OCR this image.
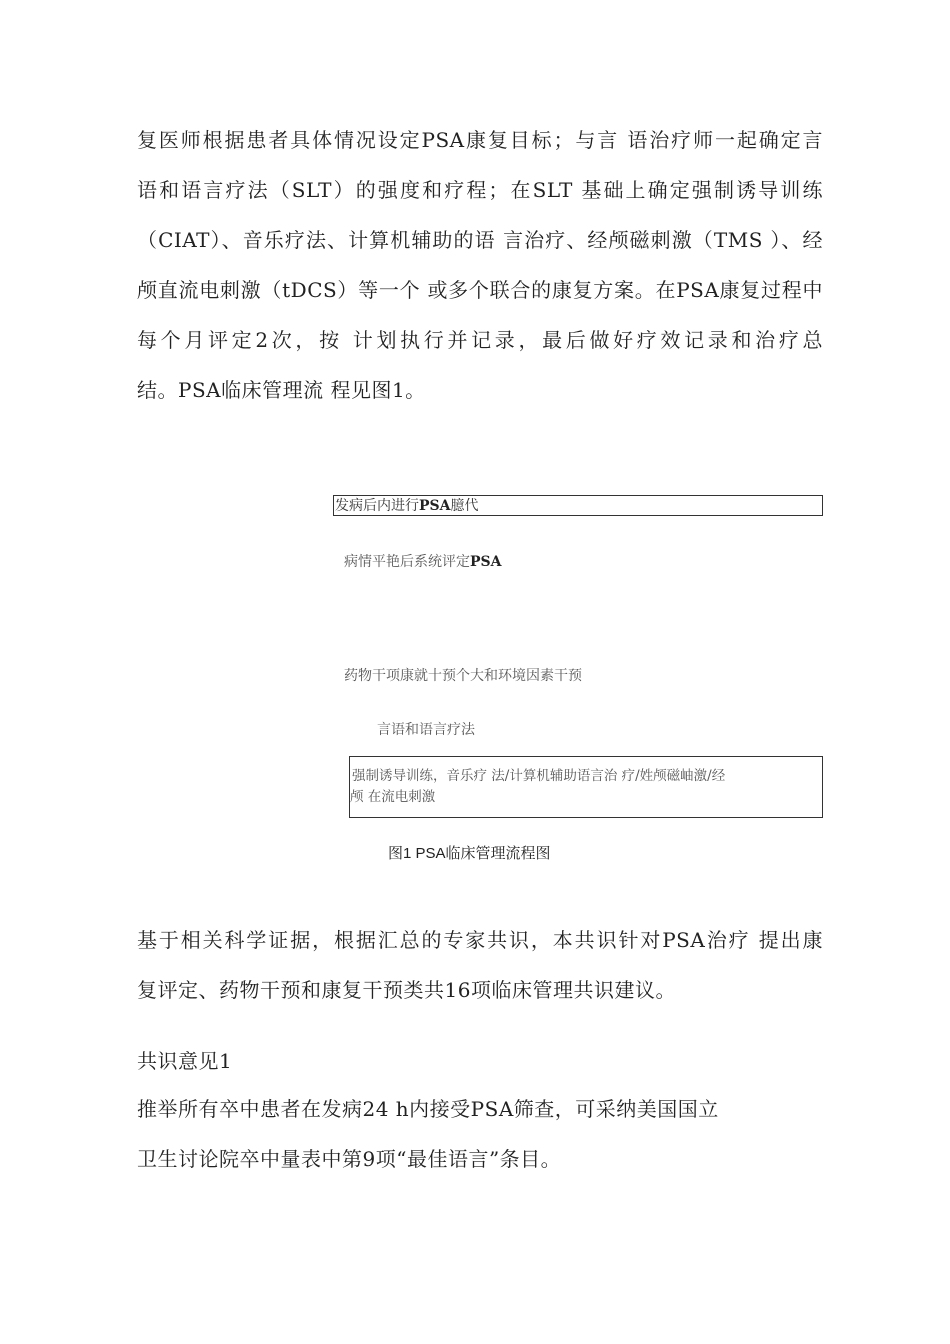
复医师根据患者具体情况设定PSA康复目标；与言 语治疗师一起确定言
语和语言疗法（SLT）的强度和疗程；在SLT 基础上确定强制诱导训练
（CIAT）、音乐疗法、计算机辅助的语 言治疗、经颅磁刺激（TMS ）、经
颅直流电刺激（tDCS）等一个 或多个联合的康复方案。在PSA康复过程中
每个月评定2次，按 计划执行并记录，最后做好疗效记录和治疗总
结。PSA临床管理流 程见图1。
发病后内进行PSA臆代
病情平艳后系统评定PSA
药物干项康就十预个大和环境因素干预
言语和语言疗法
强制诱导训练，音乐疗 法/计算机辅助语言治 疗/姓颅磁岫激/经
颅 在流电刺激
图1 PSA临床管理流程图
基于相关科学证据，根据汇总的专家共识，本共识针对PSA治疗 提出康
复评定、药物干预和康复干预类共16项临床管理共识建议。
共识意见1
推举所有卒中患者在发病24 h内接受PSA筛查，可采纳美国国立
卫生讨论院卒中量表中第9项“最佳语言”条目。
